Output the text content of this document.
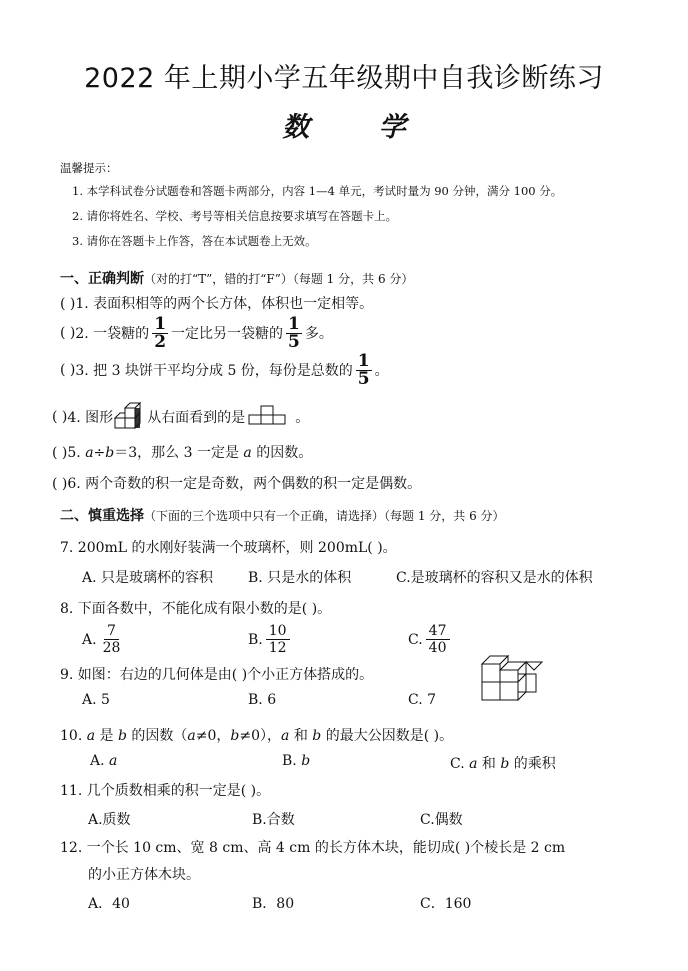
2022 年上期小学五年级期中自我诊断练习
数 学
温馨提示：
1. 本学科试卷分试题卷和答题卡两部分，内容 1—4 单元，考试时量为 90 分钟，满分 100 分。
2. 请你将姓名、学校、考号等相关信息按要求填写在答题卡上。
3. 请你在答题卡上作答，答在本试题卷上无效。
一、正确判断（对的打“T”，错的打“F”）（每题 1 分，共 6 分）
( )1. 表面积相等的两个长方体，体积也一定相等。
( ) 2. 一袋糖的 $\frac{1}{2}$ 一定比另一袋糖的 $\frac{1}{5}$ 多。
( ) 3. 把 3 块饼干平均分成 5 份，每份是总数的 $\frac{1}{5}$ 。
( ) 4. 图形 从右面看到的是	。
( )5. a÷b＝3，那么 3 一定是 a 的因数。
( )6. 两个奇数的积一定是奇数，两个偶数的积一定是偶数。
二、慎重选择（下面的三个选项中只有一个正确，请选择）（每题 1 分，共 6 分）
7. 200mL 的水刚好装满一个玻璃杯，则 200mL( )。
A. 只是玻璃杯的容积 B. 只是水的体积	C.是玻璃杯的容积又是水的体积
8. 下面各数中，不能化成有限小数的是( )。
A. $\frac{7}{28}$	B. $\frac{10}{12}$	C. $\frac{47}{40}$
9. 如图：右边的几何体是由( )个小正方体搭成的。
A. 5	B. 6	C. 7
10. a 是 b 的因数（a≠0，b≠0），a 和 b 的最大公因数是( )。
A. a	B. b	C. a 和 b 的乘积
11. 几个质数相乘的积一定是( )。
A.质数	B.合数	C.偶数
12. 一个长 10 cm、宽 8 cm、高 4 cm 的长方体木块，能切成( )个棱长是 2 cm
的小正方体木块。
A．40	B．80	C．160
